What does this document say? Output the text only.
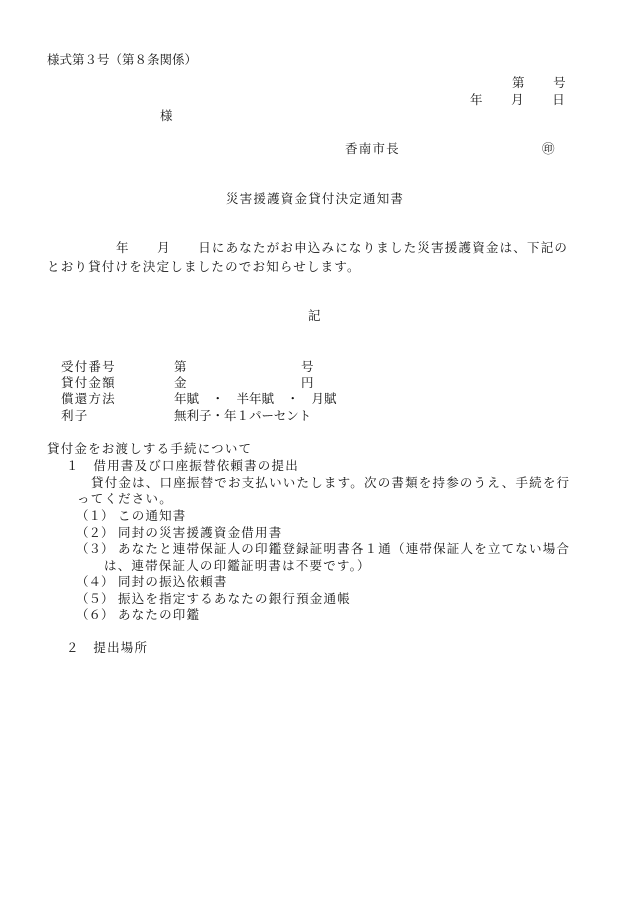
様式第３号（第８条関係）
第　　号
年　　月　　日
様
香南市長	㊞
災害援護資金貸付決定通知書
年　　月　　日にあなたがお申込みになりました災害援護資金は、下記の
とおり貸付けを決定しましたのでお知らせします。
記
受付番号	第	号
貸付金額	金	円
償還方法	年賦　・　半年賦　・　月賦
利子	無利子・年１パーセント
貸付金をお渡しする手続について
１　借用書及び口座振替依頼書の提出
貸付金は、口座振替でお支払いいたします。次の書類を持参のうえ、手続を行
ってください。
（１） この通知書
（２） 同封の災害援護資金借用書
（３） あなたと連帯保証人の印鑑登録証明書各１通（連帯保証人を立てない場合
は、連帯保証人の印鑑証明書は不要です。）
（４） 同封の振込依頼書
（５） 振込を指定するあなたの銀行預金通帳
（６） あなたの印鑑
２　提出場所
